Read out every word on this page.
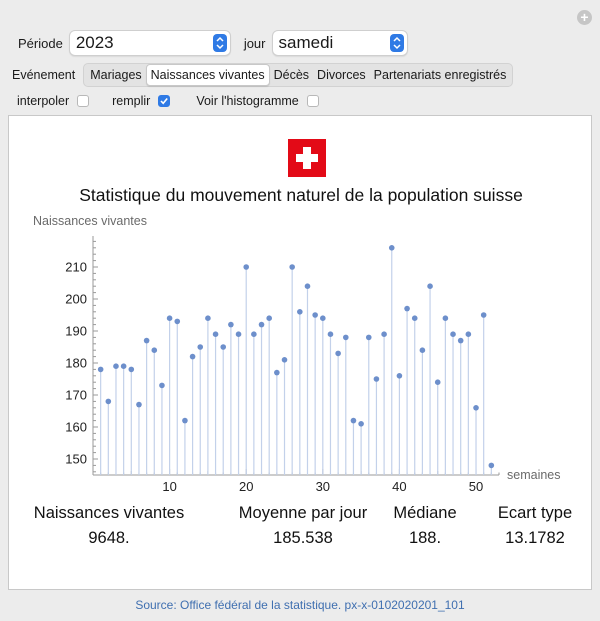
+
Période 2023	jour samedi
Evénement	Mariages Naissances vivantes Décès Divorces Partenariats enregistrés
interpoler	remplir	Voir l'histogramme
Statistique du mouvement naturel de la population suisse
Naissances vivantes
semaines
150
160
170
180
190
200
210
10	20	30	40	50
Naissances vivantes
9648.
Moyenne par jour
185.538
Médiane
188.
Ecart type
13.1782
Source: Office fédéral de la statistique. px-x-0102020201_101
